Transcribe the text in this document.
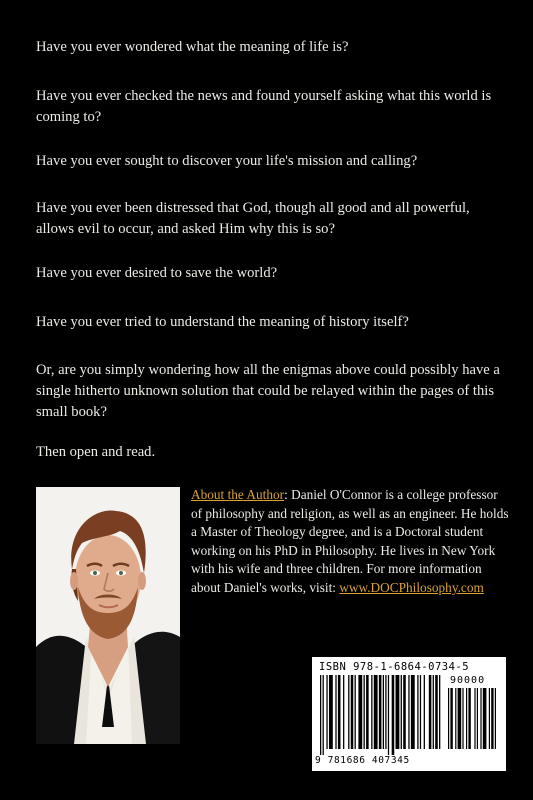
Have you ever wondered what the meaning of life is?

Have you ever checked the news and found yourself asking what this world is coming to?

Have you ever sought to discover your life's mission and calling?

Have you ever been distressed that God, though all good and all powerful, allows evil to occur, and asked Him why this is so?

Have you ever desired to save the world?

Have you ever tried to understand the meaning of history itself?

Or, are you simply wondering how all the enigmas above could possibly have a single hitherto unknown solution that could be relayed within the pages of this small book?

Then open and read.

About the Author: Daniel O'Connor is a college professor of philosophy and religion, as well as an engineer. He holds a Master of Theology degree, and is a Doctoral student working on his PhD in Philosophy. He lives in New York with his wife and three children. For more information about Daniel's works, visit: www.DOCPhilosophy.com

ISBN 978-1-6864-0734-5
90000
9 781686 407345
